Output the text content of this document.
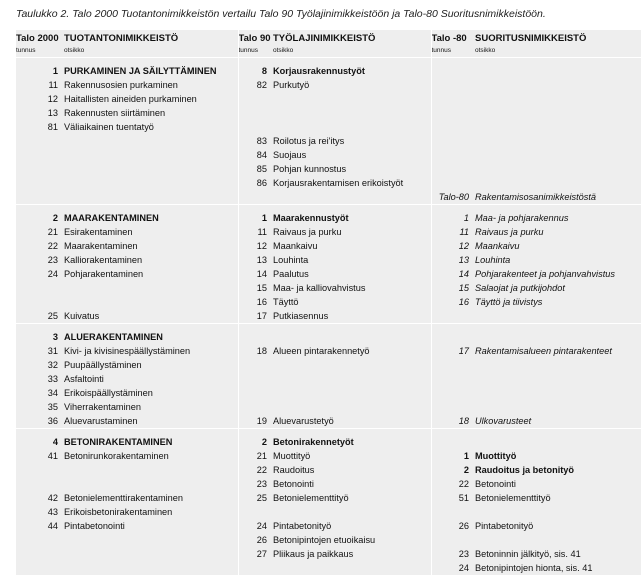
Taulukko 2. Talo 2000 Tuotantonimikkeistön vertailu Talo 90 Työlajinimikkeistöön ja Talo-80 Suoritusnimikkeistöön.
Talo 2000	TUOTANTONIMIKKEISTÖ	Talo 90	TYÖLAJINIMIKKEISTÖ	Talo -80	SUORITUSNIMIKKEISTÖ
tunnus	otsikko	tunnus	otsikko	tunnus	otsikko
1	PURKAMINEN JA SÄILYTTÄMINEN	8	Korjausrakennustyöt		
11	Rakennusosien purkaminen	82	Purkutyö		
12	Haitallisten aineiden purkaminen				
13	Rakennusten siirtäminen				
81	Väliaikainen tuentatyö				
		83	Roilotus ja rei'itys		
		84	Suojaus		
		85	Pohjan kunnostus		
		86	Korjausrakentamisen erikoistyöt		
				Talo-80	Rakentamisosanimikkeistöstä
2	MAARAKENTAMINEN	1	Maarakennustyöt	1	Maa- ja pohjarakennus
21	Esirakentaminen	11	Raivaus ja purku	11	Raivaus ja purku
22	Maarakentaminen	12	Maankaivu	12	Maankaivu
23	Kalliorakentaminen	13	Louhinta	13	Louhinta
24	Pohjarakentaminen	14	Paalutus	14	Pohjarakenteet ja pohjanvahvistus
		15	Maa- ja kalliovahvistus	15	Salaojat ja putkijohdot
		16	Täyttö	16	Täyttö ja tiivistys
25	Kuivatus	17	Putkiasennus		
3	ALUERAKENTAMINEN				
31	Kivi- ja kivisinespäällystäminen	18	Alueen pintarakennetyö	17	Rakentamisalueen pintarakenteet
32	Puupäällystäminen				
33	Asfaltointi				
34	Erikoispäällystäminen				
35	Viherrakentaminen				
36	Aluevarustaminen	19	Aluevarustetyö	18	Ulkovarusteet
4	BETONIRAKENTAMINEN	2	Betonirakennetyöt		
41	Betonirunkorakentaminen	21	Muottityö	1	Muottityö
		22	Raudoitus	2	Raudoitus ja betonityö
		23	Betonointi	22	Betonointi
42	Betonielementtirakentaminen	25	Betonielementtityö	51	Betonielementtityö
43	Erikoisbetonirakentaminen				
44	Pintabetonointi	24	Pintabetonityö	26	Pintabetonityö
		26	Betonipintojen etuoikaisu		
		27	Pliikaus ja paikkaus	23	Betoninnin jälkityö, sis. 41
				24	Betonipintojen hionta, sis. 41
